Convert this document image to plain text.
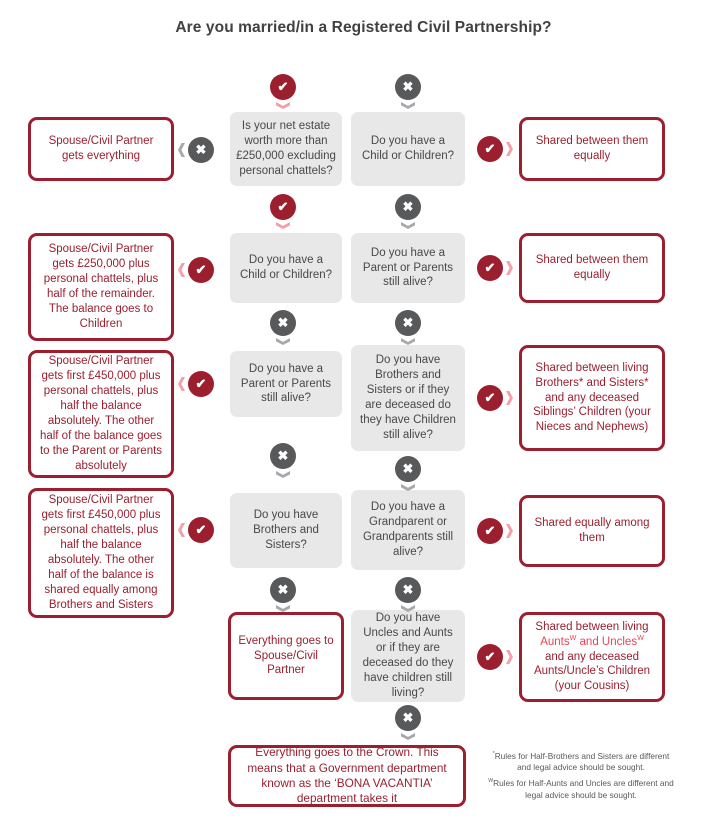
Are you married/in a Registered Civil Partnership?
Spouse/Civil Partner gets everything
Spouse/Civil Partner gets £250,000 plus personal chattels, plus half of the remainder. The balance goes to Children
Spouse/Civil Partner gets first £450,000 plus personal chattels, plus half the balance absolutely. The other half of the balance goes to the Parent or Parents absolutely
Spouse/Civil Partner gets first £450,000 plus personal chattels, plus half the balance absolutely. The other half of the balance is shared equally among Brothers and Sisters
Is your net estate worth more than £250,000 excluding personal chattels?
Do you have a Child or Children?
Do you have a Parent or Parents still alive?
Do you have Brothers and Sisters?
Everything goes to Spouse/Civil Partner
Do you have a Child or Children?
Do you have a Parent or Parents still alive?
Do you have Brothers and Sisters or if they are deceased do they have Children still alive?
Do you have a Grandparent or Grandparents still alive?
Do you have Uncles and Aunts or if they are deceased do they have children still living?
Shared between them equally
Shared between them equally
Shared between living Brothers* and Sisters* and any deceased Siblings’ Children (your Nieces and Nephews)
Shared equally among them
Shared between living
Aunts$^W$ and Uncles$^W$
and any deceased Aunts/Uncle’s Children (your Cousins)
Everything goes to the Crown. This means that a Government department known as the ‘BONA VACANTIA’ department takes it
✔	✖
✖	✔
✔	✖
✔	✔
✖	✖
✔
✔
✖
✖
✔	✔
✖	✖
✔
✖

*Rules for Half-Brothers and Sisters are different and legal advice should be sought.

$^W$Rules for Half-Aunts and Uncles are different and legal advice should be sought.
